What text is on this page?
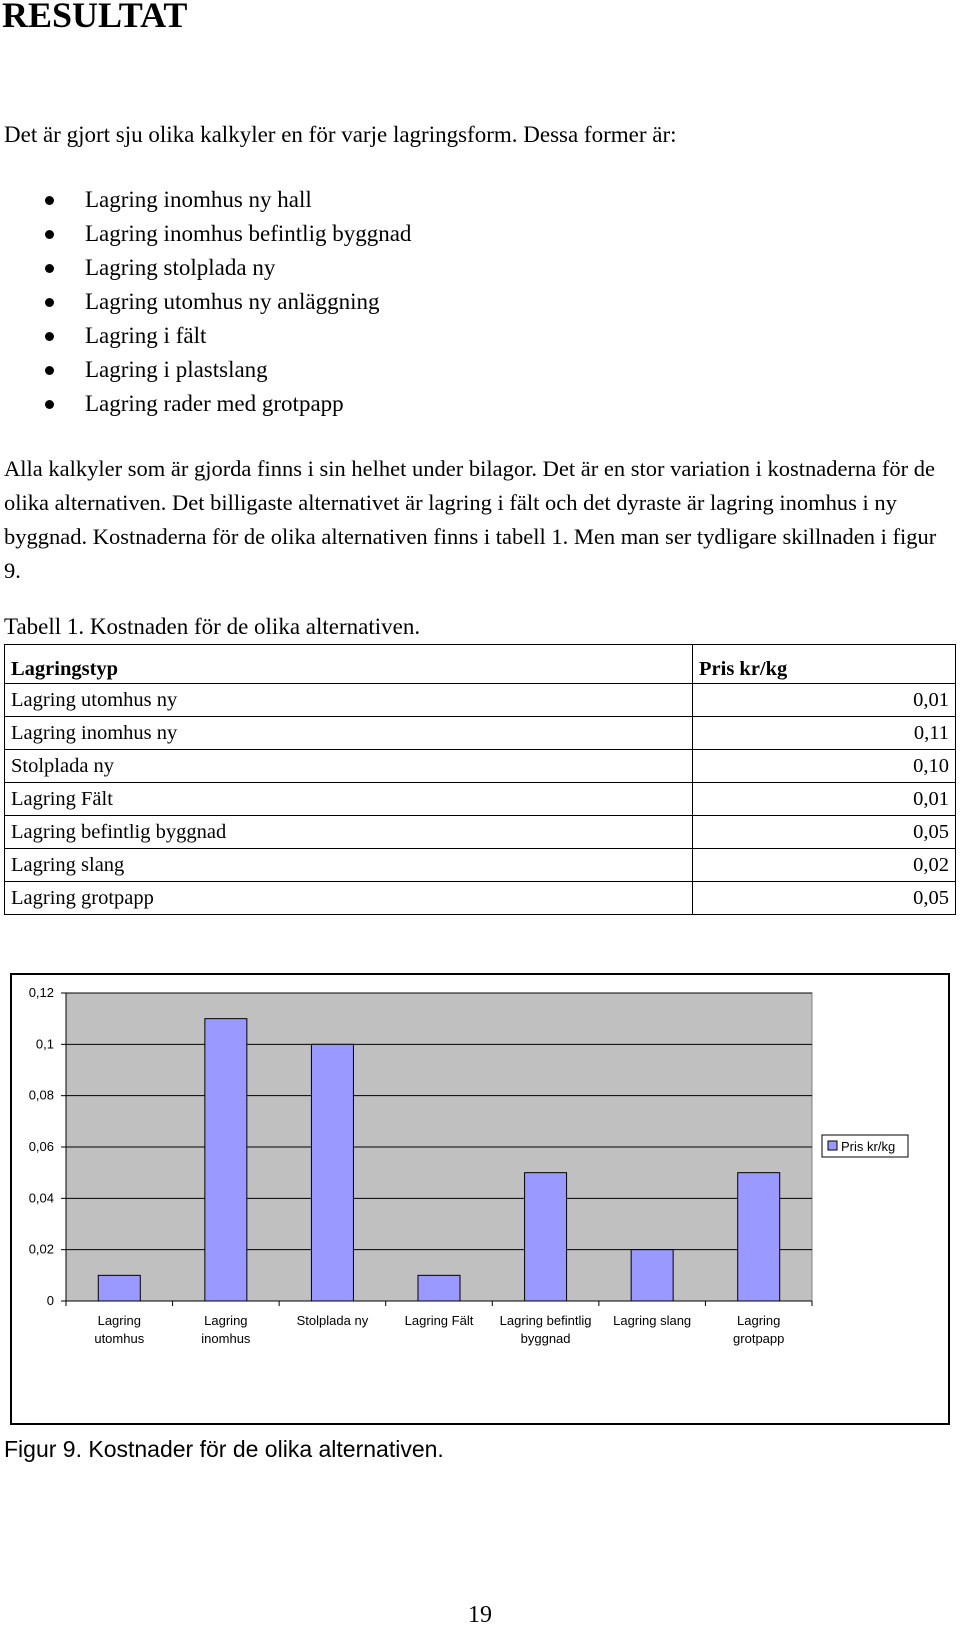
RESULTAT

Det är gjort sju olika kalkyler en för varje lagringsform. Dessa former är:

Lagring inomhus ny hall
Lagring inomhus befintlig byggnad
Lagring stolplada ny
Lagring utomhus ny anläggning
Lagring i fält
Lagring i plastslang
Lagring rader med grotpapp

Alla kalkyler som är gjorda finns i sin helhet under bilagor. Det är en stor variation i kostnaderna för de olika alternativen. Det billigaste alternativet är lagring i fält och det dyraste är lagring inomhus i ny byggnad. Kostnaderna för de olika alternativen finns i tabell 1. Men man ser tydligare skillnaden i figur 9.

Tabell 1. Kostnaden för de olika alternativen.

Lagringstyp	Pris kr/kg
Lagring utomhus ny	0,01
Lagring inomhus ny	0,11
Stolplada ny	0,10
Lagring Fält	0,01
Lagring befintlig byggnad	0,05
Lagring slang	0,02
Lagring grotpapp	0,05
0
0,02
0,04
0,06
0,08
0,1
0,12
Lagring
utomhus
Lagring
inomhus
Stolplada ny	Lagring Fält Lagring befintlig
byggnad
Lagring slang	Lagring
grotpapp
Pris kr/kg

Figur 9. Kostnader för de olika alternativen.

19
